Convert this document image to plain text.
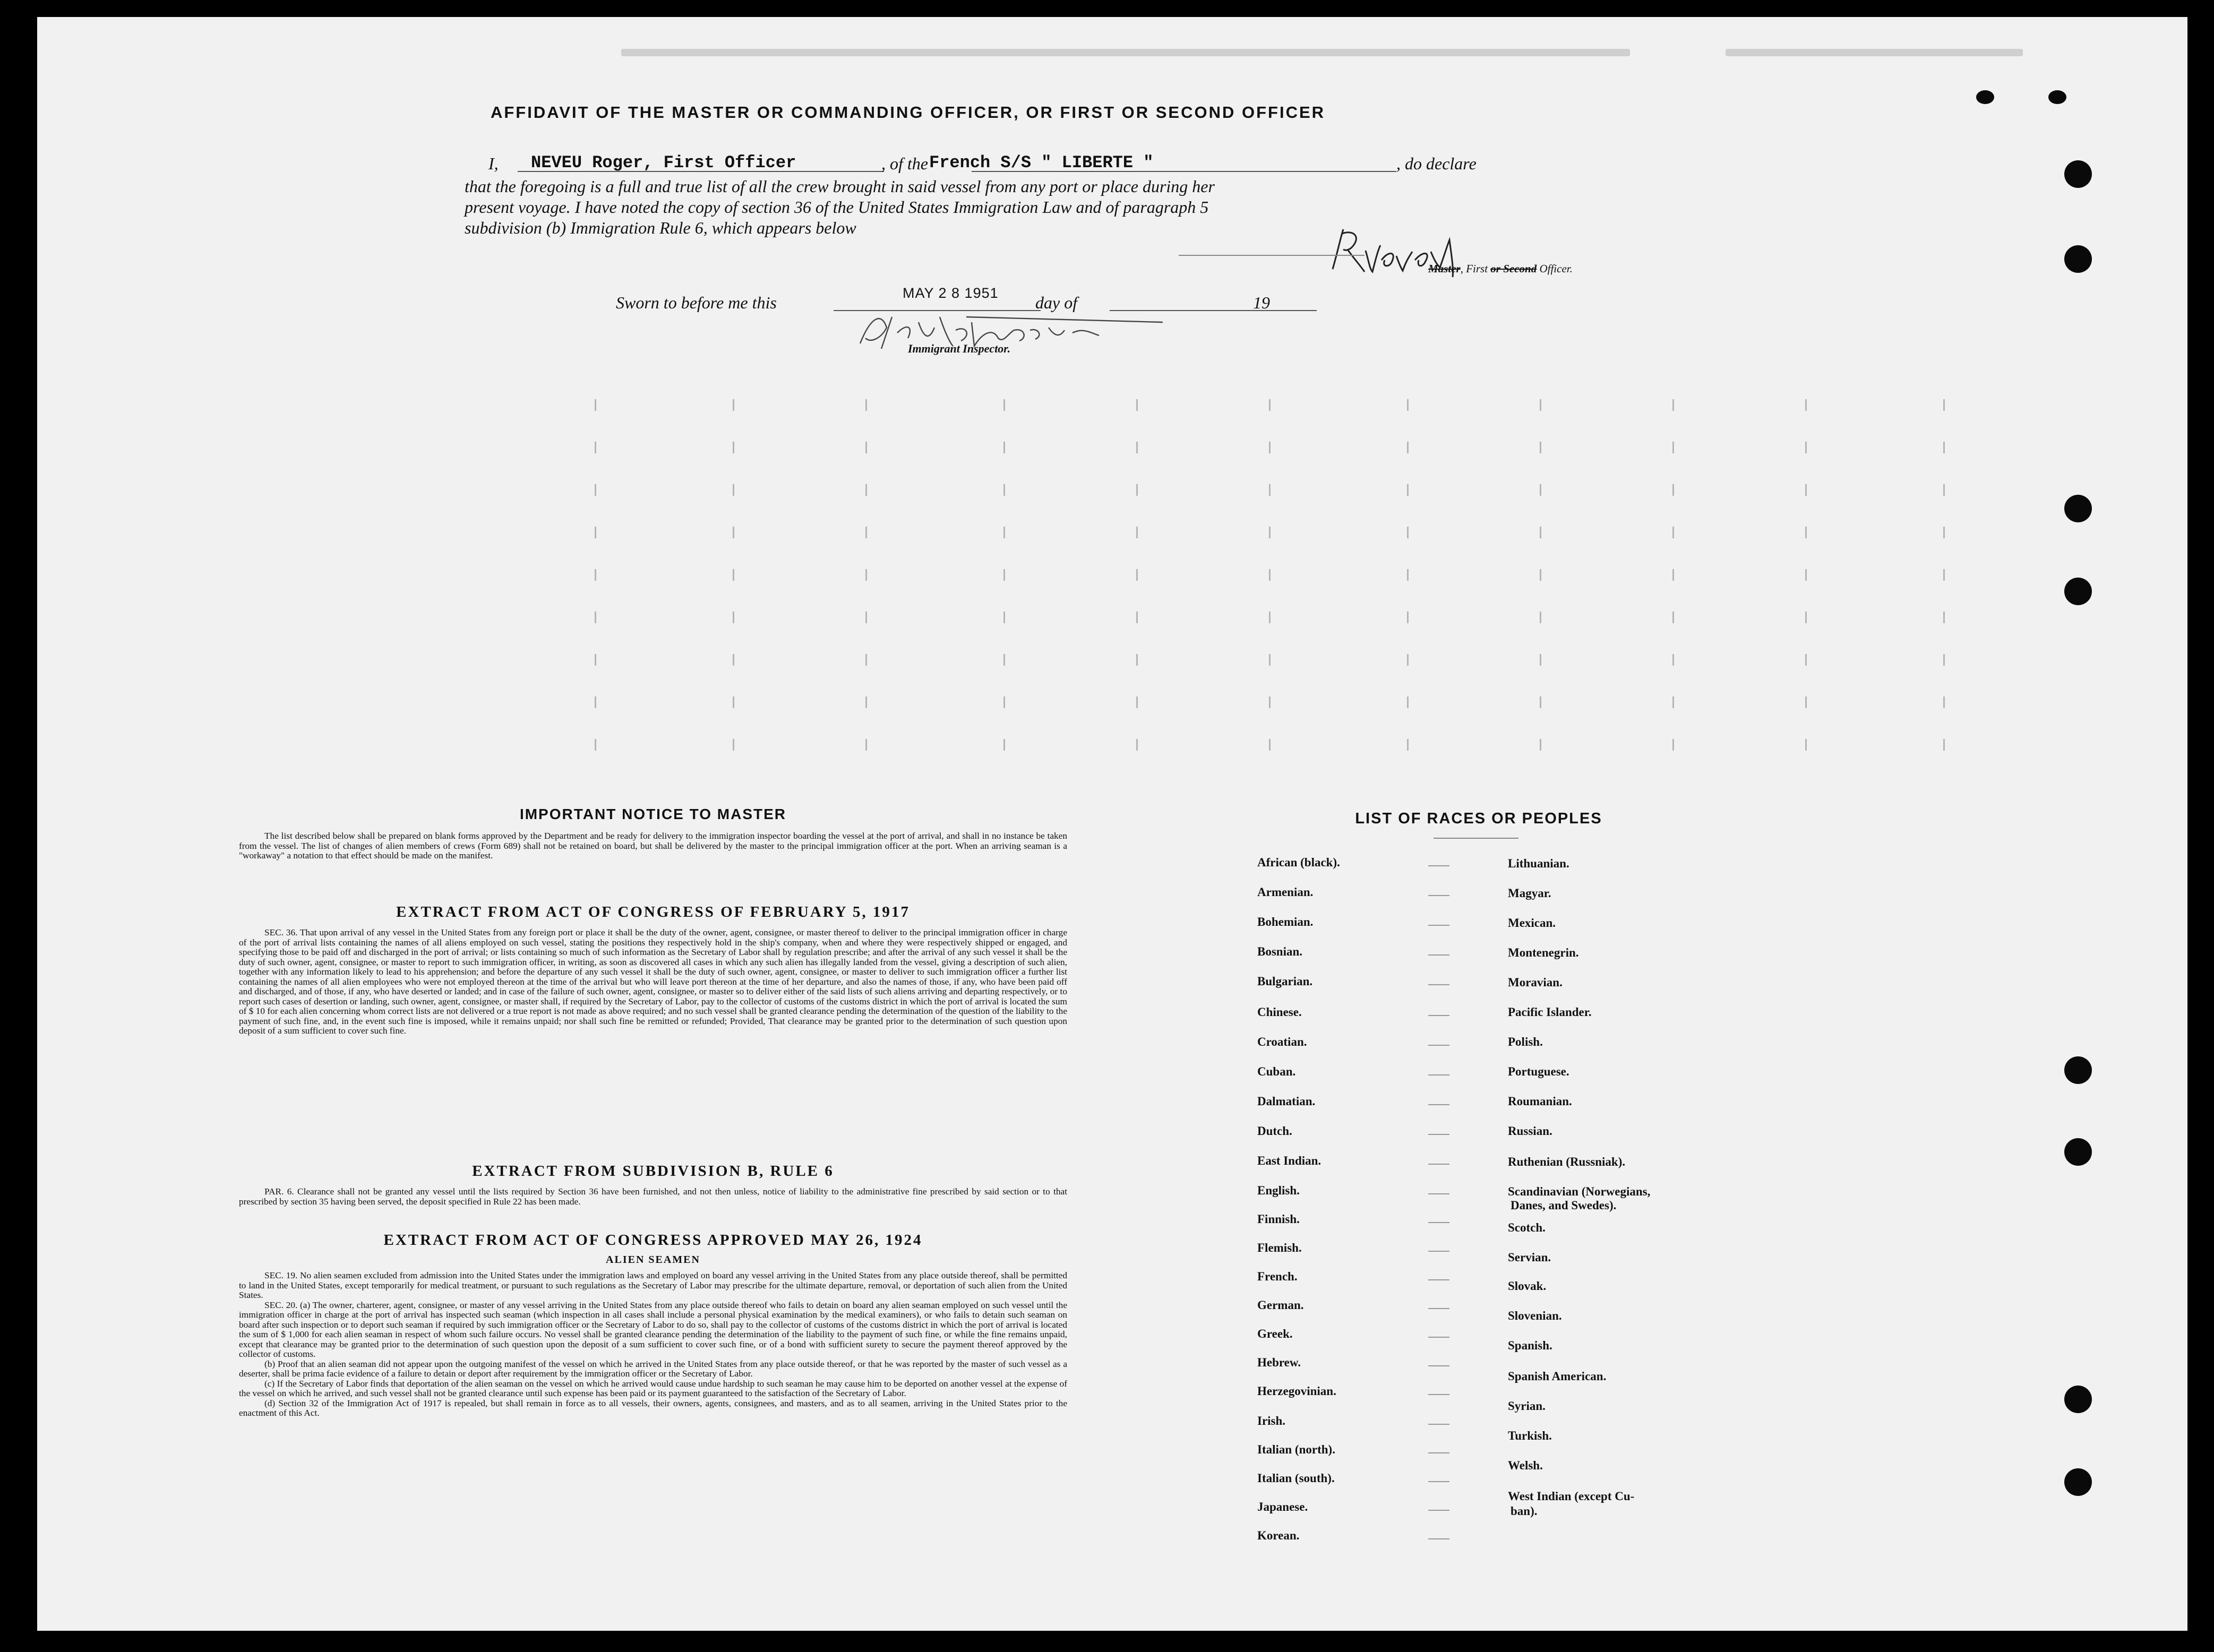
AFFIDAVIT OF THE MASTER OR COMMANDING OFFICER, OR FIRST OR SECOND OFFICER
I, NEVEU Roger, First Officer	, of the French S/S " LIBERTE "	, do declare
that the foregoing is a full and true list of all the crew brought in said vessel from any port or place during her
present voyage. I have noted the copy of section 36 of the United States Immigration Law and of paragraph 5
subdivision (b) Immigration Rule 6, which appears below
Master, First or Second Officer.
Sworn to before me this	MAY 2 8 1951 day of	19
Immigrant Inspector.
IMPORTANT NOTICE TO MASTER

The list described below shall be prepared on blank forms approved by the Department and be ready for delivery to the immigration inspector boarding the vessel at the port of arrival, and shall in no instance be taken from the vessel. The list of changes of alien members of crews (Form 689) shall not be retained on board, but shall be delivered by the master to the principal immigration officer at the port. When an arriving seaman is a "workaway" a notation to that effect should be made on the manifest.

EXTRACT FROM ACT OF CONGRESS OF FEBRUARY 5, 1917

SEC. 36. That upon arrival of any vessel in the United States from any foreign port or place it shall be the duty of the owner, agent, consignee, or master thereof to deliver to the principal immigration officer in charge of the port of arrival lists containing the names of all aliens employed on such vessel, stating the positions they respectively hold in the ship's company, when and where they were respectively shipped or engaged, and specifying those to be paid off and discharged in the port of arrival; or lists containing so much of such information as the Secretary of Labor shall by regulation prescribe; and after the arrival of any such vessel it shall be the duty of such owner, agent, consignee, or master to report to such immigration officer, in writing, as soon as discovered all cases in which any such alien has illegally landed from the vessel, giving a description of such alien, together with any information likely to lead to his apprehension; and before the departure of any such vessel it shall be the duty of such owner, agent, consignee, or master to deliver to such immigration officer a further list containing the names of all alien employees who were not employed thereon at the time of the arrival but who will leave port thereon at the time of her departure, and also the names of those, if any, who have been paid off and discharged, and of those, if any, who have deserted or landed; and in case of the failure of such owner, agent, consignee, or master so to deliver either of the said lists of such aliens arriving and departing respectively, or to report such cases of desertion or landing, such owner, agent, consignee, or master shall, if required by the Secretary of Labor, pay to the collector of customs of the customs district in which the port of arrival is located the sum of $ 10 for each alien concerning whom correct lists are not delivered or a true report is not made as above required; and no such vessel shall be granted clearance pending the determination of the question of the liability to the payment of such fine, and, in the event such fine is imposed, while it remains unpaid; nor shall such fine be remitted or refunded; Provided, That clearance may be granted prior to the determination of such question upon deposit of a sum sufficient to cover such fine.

EXTRACT FROM SUBDIVISION B, RULE 6

PAR. 6. Clearance shall not be granted any vessel until the lists required by Section 36 have been furnished, and not then unless, notice of liability to the administrative fine prescribed by said section or to that prescribed by section 35 having been served, the deposit specified in Rule 22 has been made.

EXTRACT FROM ACT OF CONGRESS APPROVED MAY 26, 1924
ALIEN SEAMEN

SEC. 19. No alien seamen excluded from admission into the United States under the immigration laws and employed on board any vessel arriving in the United States from any place outside thereof, shall be permitted to land in the United States, except temporarily for medical treatment, or pursuant to such regulations as the Secretary of Labor may prescribe for the ultimate departure, removal, or deportation of such alien from the United States.

SEC. 20. (a) The owner, charterer, agent, consignee, or master of any vessel arriving in the United States from any place outside thereof who fails to detain on board any alien seaman employed on such vessel until the immigration officer in charge at the port of arrival has inspected such seaman (which inspection in all cases shall include a personal physical examination by the medical examiners), or who fails to detain such seaman on board after such inspection or to deport such seaman if required by such immigration officer or the Secretary of Labor to do so, shall pay to the collector of customs of the customs district in which the port of arrival is located the sum of $ 1,000 for each alien seaman in respect of whom such failure occurs. No vessel shall be granted clearance pending the determination of the liability to the payment of such fine, or while the fine remains unpaid, except that clearance may be granted prior to the determination of such question upon the deposit of a sum sufficient to cover such fine, or of a bond with sufficient surety to secure the payment thereof approved by the collector of customs.

(b) Proof that an alien seaman did not appear upon the outgoing manifest of the vessel on which he arrived in the United States from any place outside thereof, or that he was reported by the master of such vessel as a deserter, shall be prima facie evidence of a failure to detain or deport after requirement by the immigration officer or the Secretary of Labor.

(c) If the Secretary of Labor finds that deportation of the alien seaman on the vessel on which he arrived would cause undue hardship to such seaman he may cause him to be deported on another vessel at the expense of the vessel on which he arrived, and such vessel shall not be granted clearance until such expense has been paid or its payment guaranteed to the satisfaction of the Secretary of Labor.

(d) Section 32 of the Immigration Act of 1917 is repealed, but shall remain in force as to all vessels, their owners, agents, consignees, and masters, and as to all seamen, arriving in the United States prior to the enactment of this Act.

LIST OF RACES OR PEOPLES
African (black).
Armenian.
Bohemian.
Bosnian.
Bulgarian.
Chinese.
Croatian.
Cuban.
Dalmatian.
Dutch.
East Indian.
English.
Finnish.
Flemish.
French.
German.
Greek.
Hebrew.
Herzegovinian.
Irish.
Italian (north).
Italian (south).
Japanese.
Korean.
Lithuanian.
Magyar.
Mexican.
Montenegrin.
Moravian.
Pacific Islander.
Polish.
Portuguese.
Roumanian.
Russian.
Ruthenian (Russniak).
Scandinavian (Norwegians,
Danes, and Swedes).
Scotch.
Servian.
Slovak.
Slovenian.
Spanish.
Spanish American.
Syrian.
Turkish.
Welsh.
West Indian (except Cu-
ban).
